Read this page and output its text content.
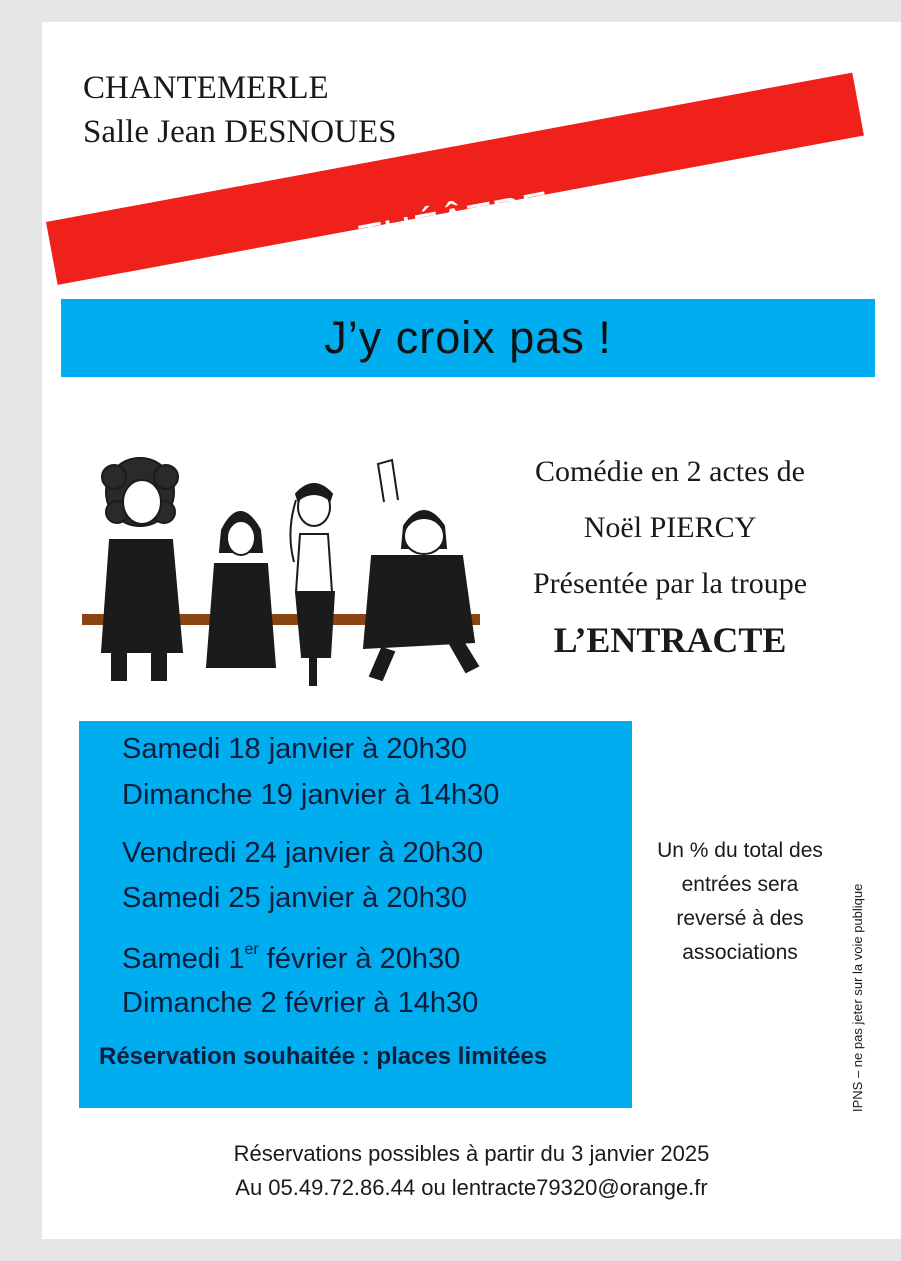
CHANTEMERLE
Salle Jean DESNOUES
THÉÂTRE
J’y croix pas !
Comédie en 2 actes de
Noël PIERCY
Présentée par la troupe
L’ENTRACTE
Samedi 18 janvier à 20h30
Dimanche 19 janvier à 14h30
Vendredi 24 janvier à 20h30
Samedi 25 janvier à 20h30
Samedi 1er février à 20h30
Dimanche 2 février à 14h30
Réservation souhaitée : places limitées
Un % du total des
entrées sera
reversé à des
associations	IPNS – ne pas jeter sur la voie publique
Réservations possibles à partir du 3 janvier 2025
Au 05.49.72.86.44 ou lentracte79320@orange.fr
